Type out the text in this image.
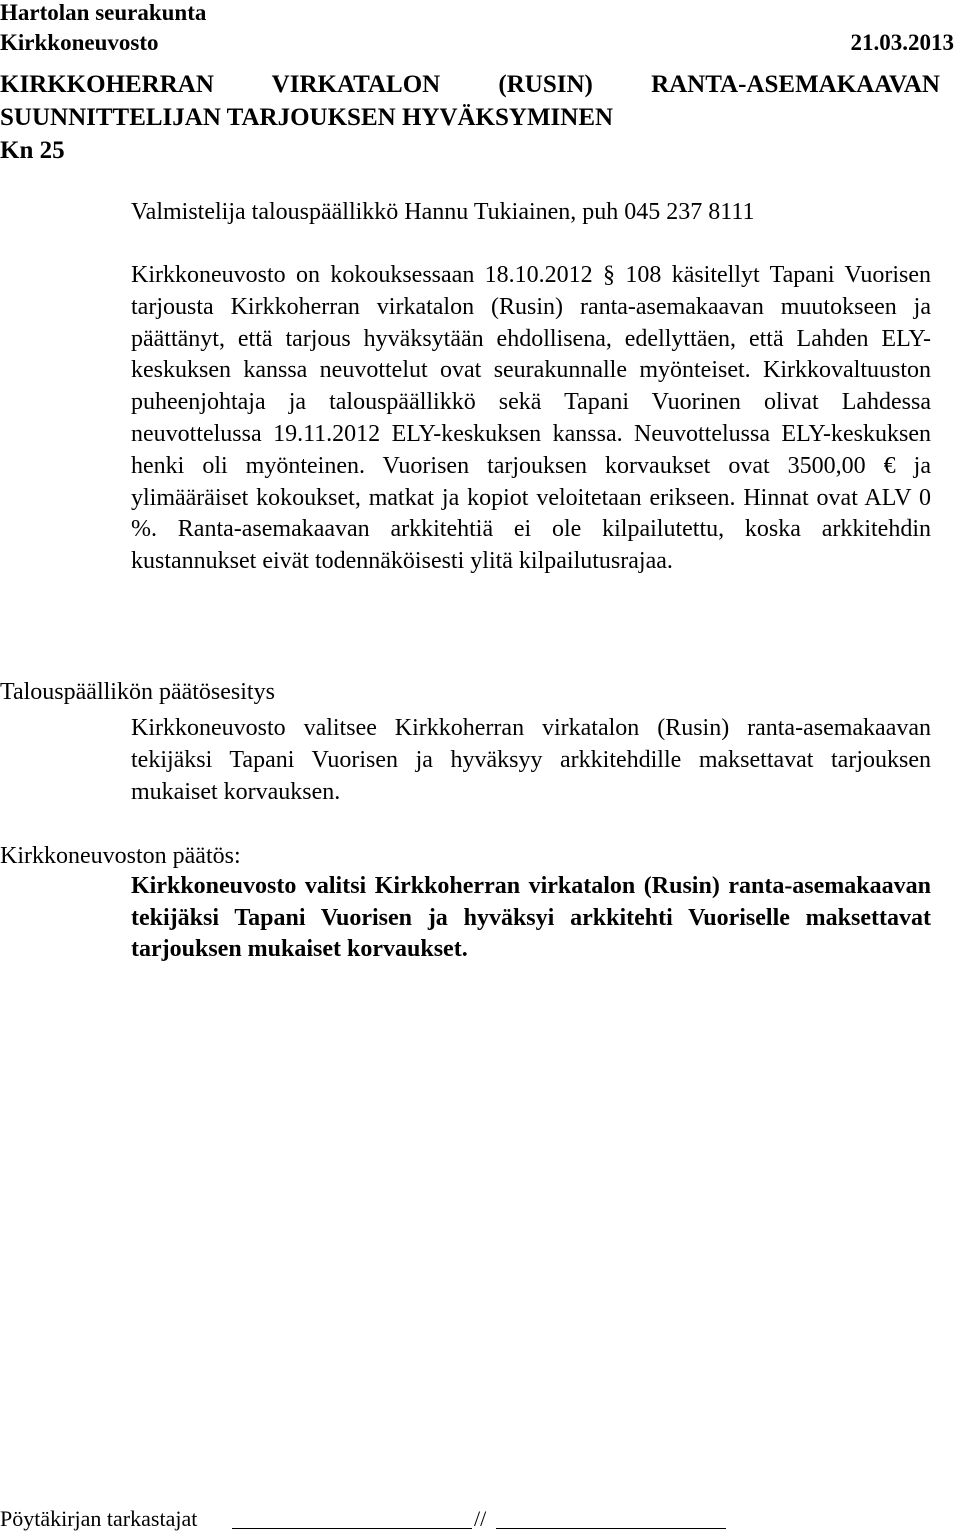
Hartolan seurakunta
Kirkkoneuvosto	21.03.2013
KIRKKOHERRAN VIRKATALON (RUSIN) RANTA-ASEMAKAAVAN
SUUNNITTELIJAN TARJOUKSEN HYVÄKSYMINEN
Kn 25
Valmistelija talouspäällikkö Hannu Tukiainen, puh 045 237 8111
Kirkkoneuvosto on kokouksessaan 18.10.2012 § 108 käsitellyt Tapani Vuorisen tarjousta Kirkkoherran virkatalon (Rusin) ranta-asemakaavan muutokseen ja päättänyt, että tarjous hyväksytään ehdollisena, edellyttäen, että Lahden ELY-keskuksen kanssa neuvottelut ovat seurakunnalle myönteiset. Kirkkovaltuuston puheenjohtaja ja talouspäällikkö sekä Tapani Vuorinen olivat Lahdessa neuvottelussa 19.11.2012 ELY-keskuksen kanssa. Neuvottelussa ELY-keskuksen henki oli myönteinen. Vuorisen tarjouksen korvaukset ovat 3500,00 € ja ylimääräiset kokoukset, matkat ja kopiot veloitetaan erikseen. Hinnat ovat ALV 0 %. Ranta-asemakaavan arkkitehtiä ei ole kilpailutettu, koska arkkitehdin kustannukset eivät todennäköisesti ylitä kilpailutusrajaa.
Talouspäällikön päätösesitys
Kirkkoneuvosto valitsee Kirkkoherran virkatalon (Rusin) ranta-asemakaavan tekijäksi Tapani Vuorisen ja hyväksyy arkkitehdille maksettavat tarjouksen mukaiset korvauksen.
Kirkkoneuvoston päätös:
Kirkkoneuvosto valitsi Kirkkoherran virkatalon (Rusin) ranta-asemakaavan tekijäksi Tapani Vuorisen ja hyväksyi arkkitehti Vuoriselle maksettavat tarjouksen mukaiset korvaukset.
Pöytäkirjan tarkastajat	//
